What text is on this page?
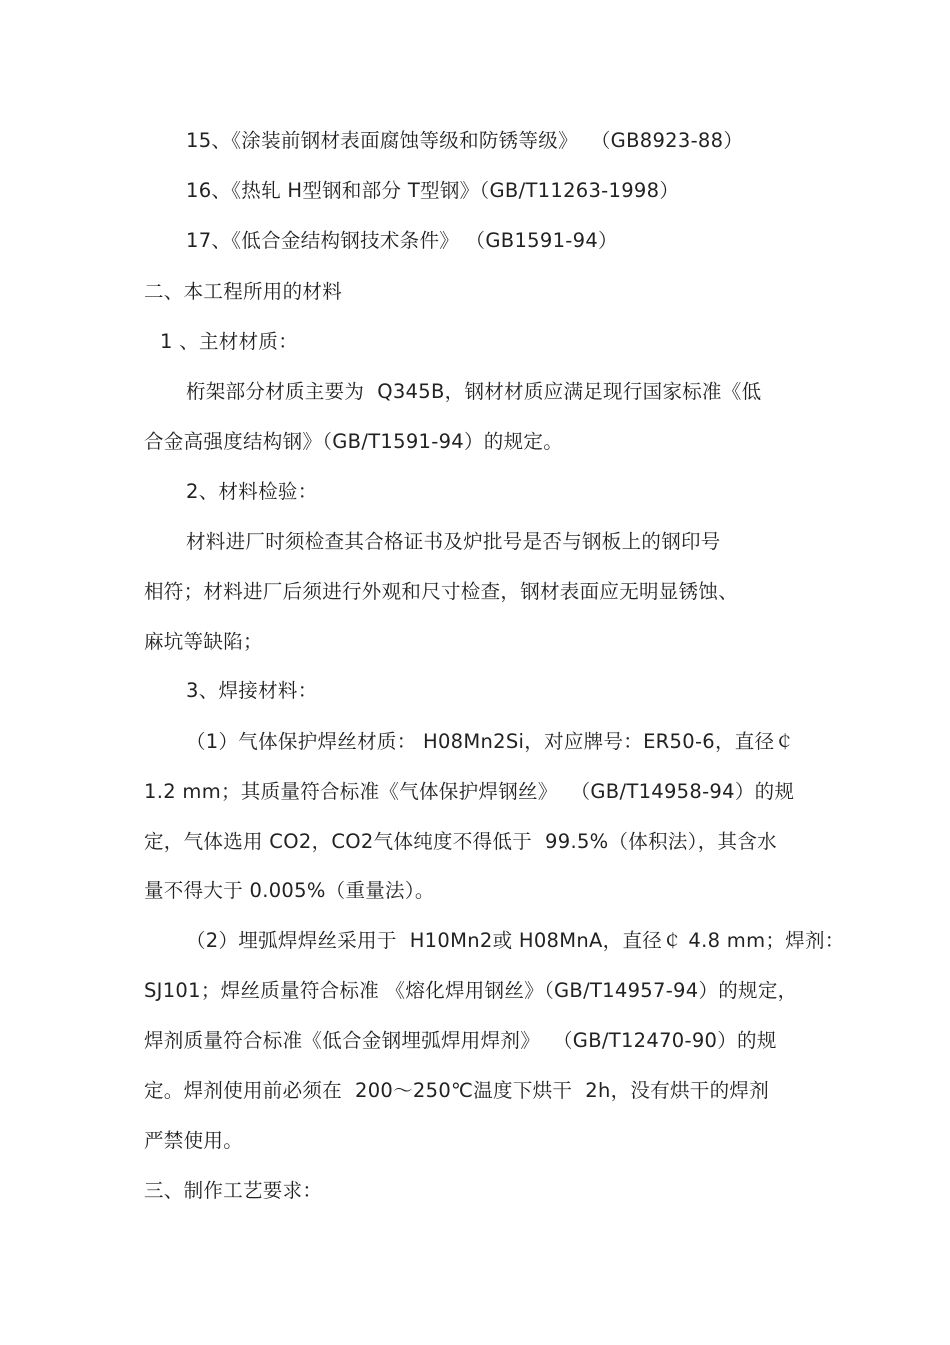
15、《涂装前钢材表面腐蚀等级和防锈等级》  （GB8923-88）
16、《热轧 H型钢和部分 T型钢》（GB/T11263-1998）
17、《低合金结构钢技术条件》 （GB1591-94）
二、本工程所用的材料
1 、主材材质：
桁架部分材质主要为  Q345B，钢材材质应满足现行国家标准《低
合金高强度结构钢》（GB/T1591-94）的规定。
2、材料检验：
材料进厂时须检查其合格证书及炉批号是否与钢板上的钢印号
相符；材料进厂后须进行外观和尺寸检查，钢材表面应无明显锈蚀、
麻坑等缺陷；
3、焊接材料：
（1）气体保护焊丝材质： H08Mn2Si，对应牌号：ER50-6，直径￠
1.2 mm；其质量符合标准《气体保护焊钢丝》  （GB/T14958-94）的规
定，气体选用 CO2，CO2气体纯度不得低于  99.5%（体积法），其含水
量不得大于 0.005%（重量法）。
（2）埋弧焊焊丝采用于  H10Mn2或 H08MnA，直径￠ 4.8 mm；焊剂：
SJ101；焊丝质量符合标准 《熔化焊用钢丝》（GB/T14957-94）的规定，
焊剂质量符合标准《低合金钢埋弧焊用焊剂》  （GB/T12470-90）的规
定。焊剂使用前必须在  200～250℃温度下烘干  2h，没有烘干的焊剂
严禁使用。
三、制作工艺要求：
